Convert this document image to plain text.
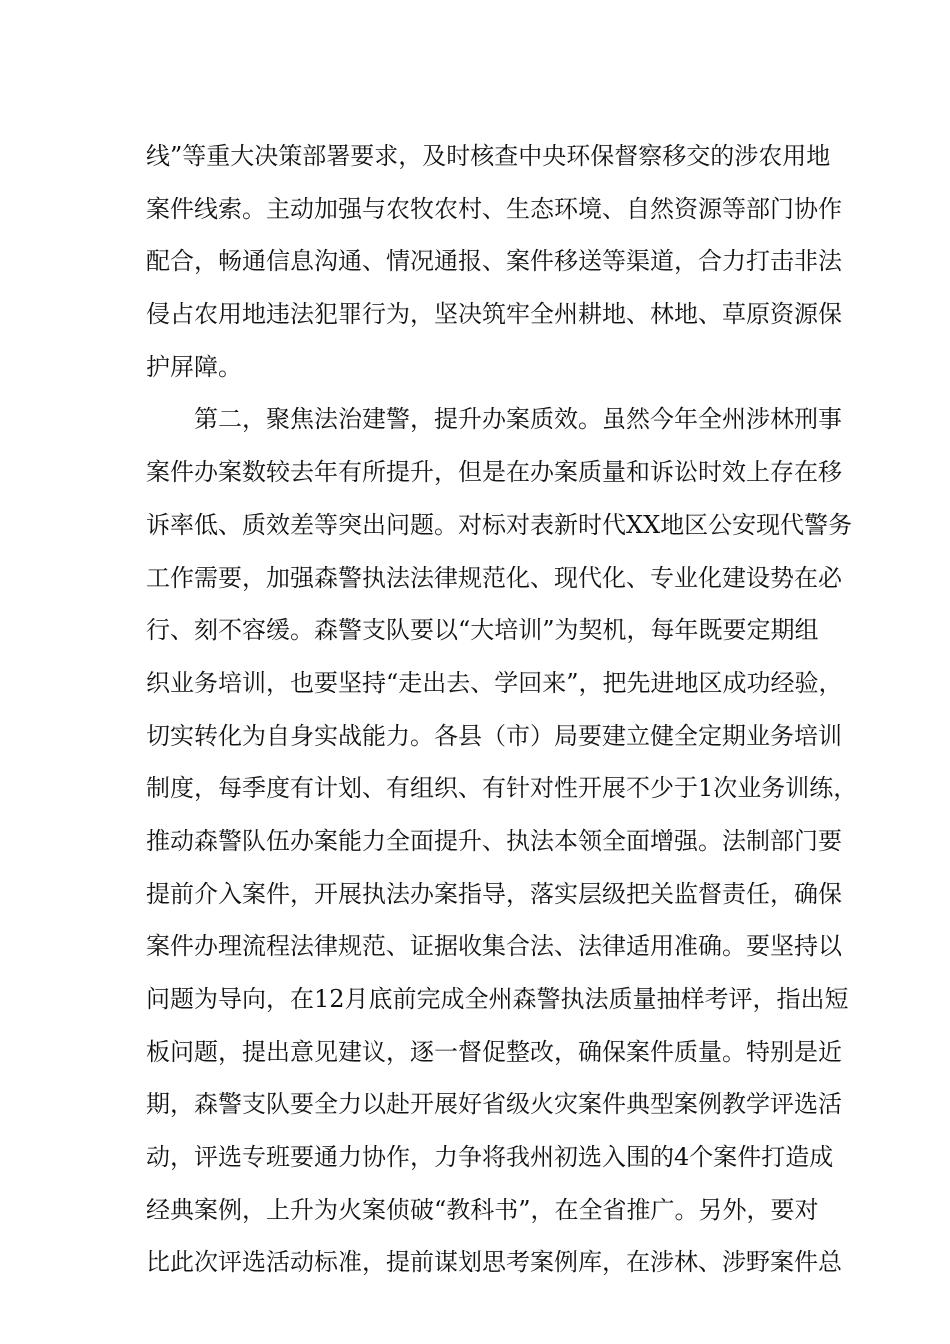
线”等重大决策部署要求，及时核查中央环保督察移交的涉农用地
案件线索。主动加强与农牧农村、生态环境、自然资源等部门协作
配合，畅通信息沟通、情况通报、案件移送等渠道，合力打击非法
侵占农用地违法犯罪行为，坚决筑牢全州耕地、林地、草原资源保
护屏障。
第二，聚焦法治建警，提升办案质效。虽然今年全州涉林刑事
案件办案数较去年有所提升，但是在办案质量和诉讼时效上存在移
诉率低、质效差等突出问题。对标对表新时代XX地区公安现代警务
工作需要，加强森警执法法律规范化、现代化、专业化建设势在必
行、刻不容缓。森警支队要以“大培训”为契机，每年既要定期组
织业务培训，也要坚持“走出去、学回来”，把先进地区成功经验，
切实转化为自身实战能力。各县（市）局要建立健全定期业务培训
制度，每季度有计划、有组织、有针对性开展不少于1次业务训练，
推动森警队伍办案能力全面提升、执法本领全面增强。法制部门要
提前介入案件，开展执法办案指导，落实层级把关监督责任，确保
案件办理流程法律规范、证据收集合法、法律适用准确。要坚持以
问题为导向，在12月底前完成全州森警执法质量抽样考评，指出短
板问题，提出意见建议，逐一督促整改，确保案件质量。特别是近
期，森警支队要全力以赴开展好省级火灾案件典型案例教学评选活
动，评选专班要通力协作，力争将我州初选入围的4个案件打造成
经典案例，上升为火案侦破“教科书”，在全省推广。另外，要对
比此次评选活动标准，提前谋划思考案例库，在涉林、涉野案件总
